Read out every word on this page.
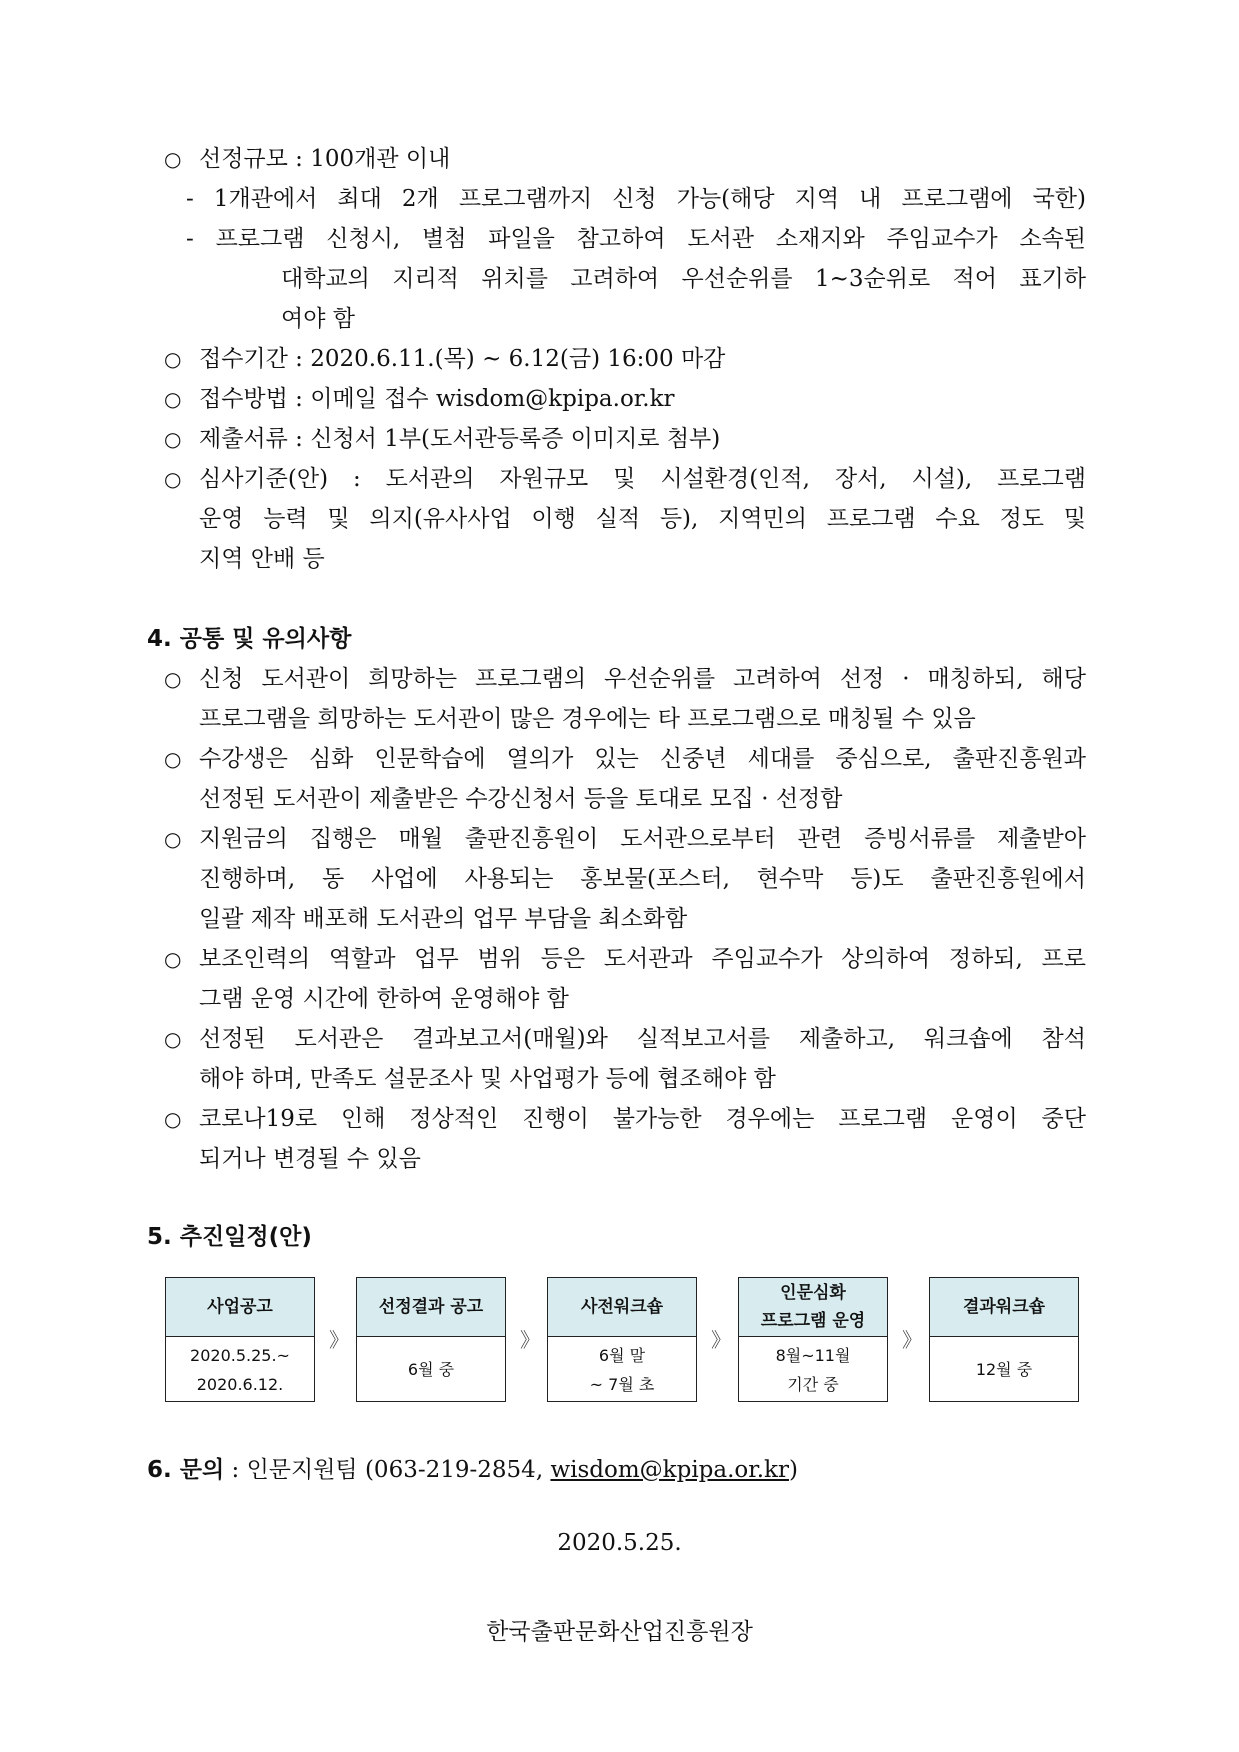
○ 선정규모 : 100개관 이내
- 1개관에서 최대 2개 프로그램까지 신청 가능(해당 지역 내 프로그램에 국한)
- 프로그램 신청시, 별첨 파일을 참고하여 도서관 소재지와 주임교수가 소속된
대학교의 지리적 위치를 고려하여 우선순위를 1~3순위로 적어 표기하
여야 함
○ 접수기간 : 2020.6.11.(목) ~ 6.12(금) 16:00 마감
○ 접수방법 : 이메일 접수 wisdom@kpipa.or.kr
○ 제출서류 : 신청서 1부(도서관등록증 이미지로 첨부)
○ 심사기준(안) : 도서관의 자원규모 및 시설환경(인적, 장서, 시설), 프로그램
운영 능력 및 의지(유사사업 이행 실적 등), 지역민의 프로그램 수요 정도 및
지역 안배 등
4. 공통 및 유의사항
○ 신청 도서관이 희망하는 프로그램의 우선순위를 고려하여 선정 · 매칭하되, 해당
프로그램을 희망하는 도서관이 많은 경우에는 타 프로그램으로 매칭될 수 있음
○ 수강생은 심화 인문학습에 열의가 있는 신중년 세대를 중심으로, 출판진흥원과
선정된 도서관이 제출받은 수강신청서 등을 토대로 모집 · 선정함
○ 지원금의 집행은 매월 출판진흥원이 도서관으로부터 관련 증빙서류를 제출받아
진행하며, 동 사업에 사용되는 홍보물(포스터, 현수막 등)도 출판진흥원에서
일괄 제작 배포해 도서관의 업무 부담을 최소화함
○ 보조인력의 역할과 업무 범위 등은 도서관과 주임교수가 상의하여 정하되, 프로
그램 운영 시간에 한하여 운영해야 함
○ 선정된 도서관은 결과보고서(매월)와 실적보고서를 제출하고, 워크숍에 참석
해야 하며, 만족도 설문조사 및 사업평가 등에 협조해야 함
○ 코로나19로 인해 정상적인 진행이 불가능한 경우에는 프로그램 운영이 중단
되거나 변경될 수 있음
5. 추진일정(안)
사업공고
2020.5.25.~
2020.6.12.
》
선정결과 공고
6월 중
》
사전워크숍
6월 말
~ 7월 초
》
인문심화
프로그램 운영
8월~11월
기간 중
》
결과워크숍
12월 중
6. 문의 : 인문지원팀 (063-219-2854, wisdom@kpipa.or.kr)
2020.5.25.
한국출판문화산업진흥원장
